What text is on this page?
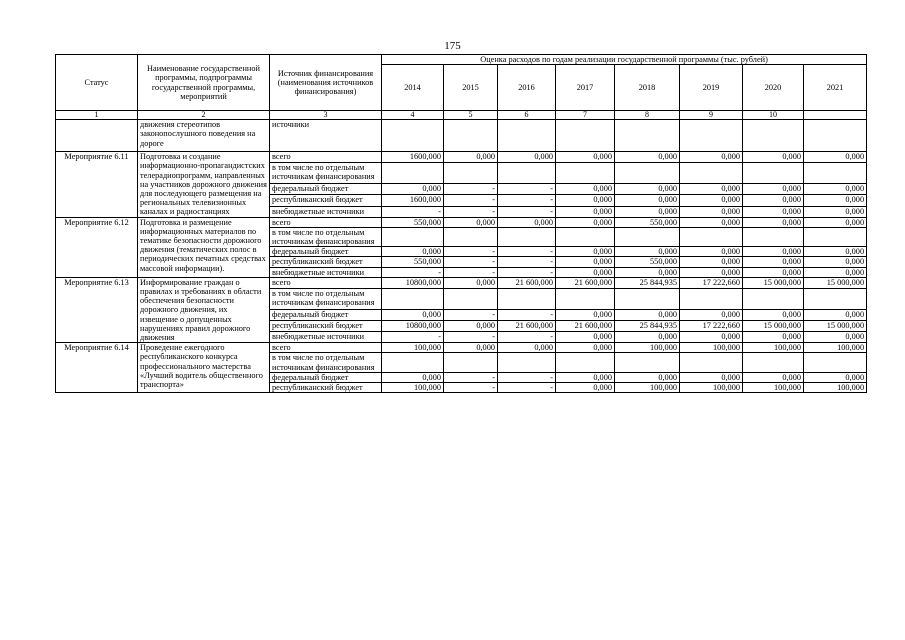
175
Статус	Наименование государственной программы, подпрограммы государственной программы, мероприятий	Источник финансирования (наименования источников финансирования)	Оценка расходов по годам реализации государственной программы (тыс. рублей)							
			2014	2015	2016	2017	2018	2019	2020	2021
1	2	3	4	5	6	7	8	9	10	
	движения стереотипов законопослушного поведения на дороге	источники								
Мероприятие 6.11	Подготовка и создание информационно-пропагандистских телерадиопрограмм, направленных на участников дорожного движения для последующего размещения на региональных телевизионных каналах и радиостанциях	всего	1600,000	0,000	0,000	0,000	0,000	0,000	0,000	0,000
		в том числе по отдельным источникам финансирования								
		федеральный бюджет	0,000	-	-	0,000	0,000	0,000	0,000	0,000
		республиканский бюджет	1600,000	-	-	0,000	0,000	0,000	0,000	0,000
		внебюджетные источники	-	-	-	0,000	0,000	0,000	0,000	0,000
Мероприятие 6.12	Подготовка и размещение информационных материалов по тематике безопасности дорожного движения (тематических полос в периодических печатных средствах массовой информации).	всего	550,000	0,000	0,000	0,000	550,000	0,000	0,000	0,000
		в том числе по отдельным источникам финансирования								
		федеральный бюджет	0,000	-	-	0,000	0,000	0,000	0,000	0,000
		республиканский бюджет	550,000	-	-	0,000	550,000	0,000	0,000	0,000
		внебюджетные источники	-	-	-	0,000	0,000	0,000	0,000	0,000
Мероприятие 6.13	Информирование граждан о правилах и требованиях в области обеспечения безопасности дорожного движения, их извещение о допущенных нарушениях правил дорожного движения	всего	10800,000	0,000	21 600,000	21 600,000	25 844,935	17 222,660	15 000,000	15 000,000
		в том числе по отдельным источникам финансирования								
		федеральный бюджет	0,000	-	-	0,000	0,000	0,000	0,000	0,000
		республиканский бюджет	10800,000	0,000	21 600,000	21 600,000	25 844,935	17 222,660	15 000,000	15 000,000
		внебюджетные источники	-	-	-	0,000	0,000	0,000	0,000	0,000
Мероприятие 6.14	Проведение ежегодного республиканского конкурса профессионального мастерства «Лучший водитель общественного транспорта»	всего	100,000	0,000	0,000	0,000	100,000	100,000	100,000	100,000
		в том числе по отдельным источникам финансирования								
		федеральный бюджет	0,000	-	-	0,000	0,000	0,000	0,000	0,000
		республиканский бюджет	100,000	-	-	0,000	100,000	100,000	100,000	100,000
